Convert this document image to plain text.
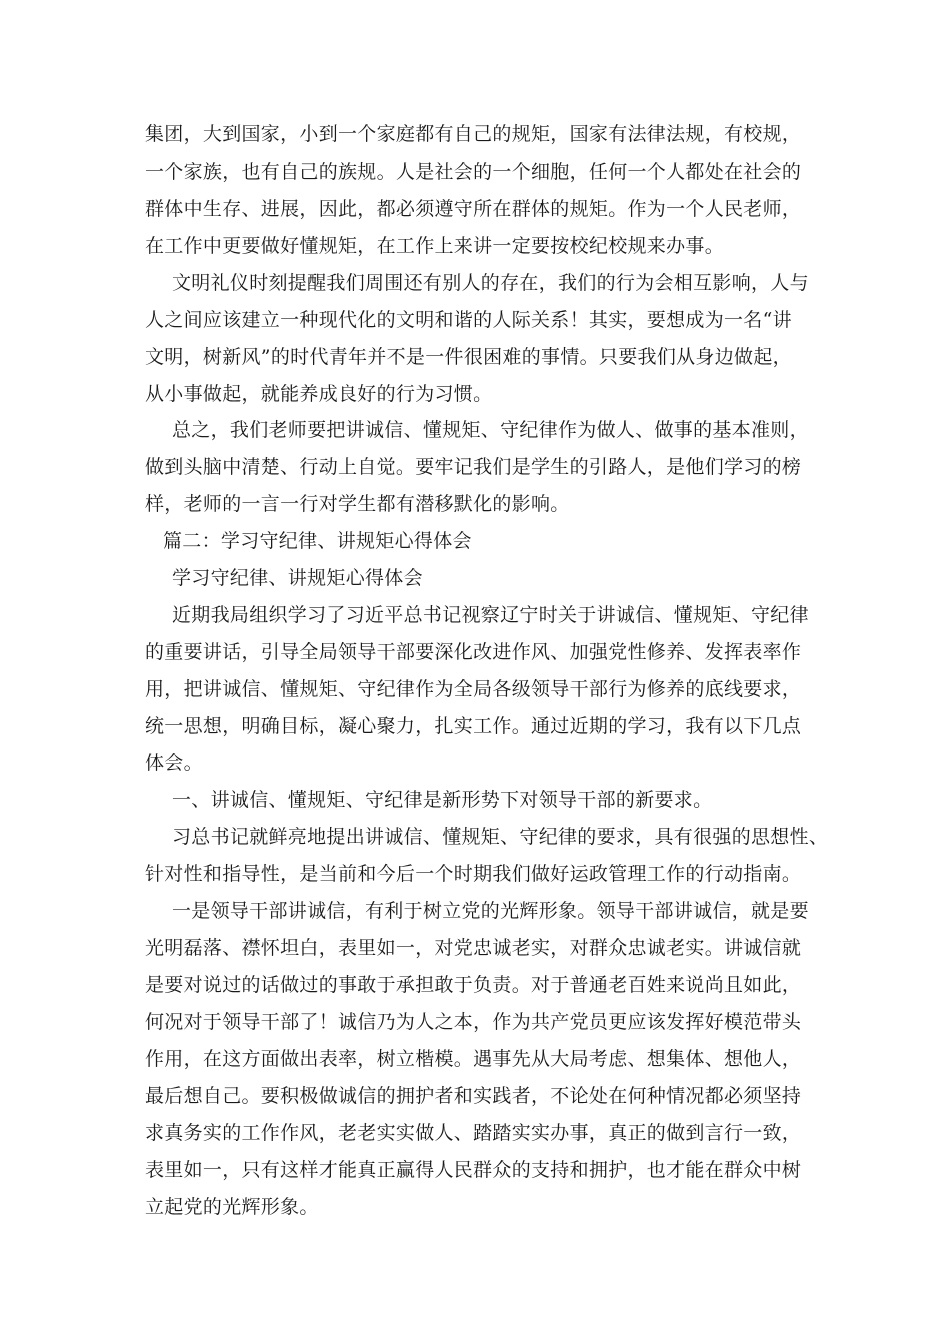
集团，大到国家，小到一个家庭都有自己的规矩，国家有法律法规，有校规，
一个家族，也有自己的族规。人是社会的一个细胞，任何一个人都处在社会的
群体中生存、进展，因此，都必须遵守所在群体的规矩。作为一个人民老师，
在工作中更要做好懂规矩，在工作上来讲一定要按校纪校规来办事。
文明礼仪时刻提醒我们周围还有别人的存在，我们的行为会相互影响，人与
人之间应该建立一种现代化的文明和谐的人际关系！其实，要想成为一名“讲
文明，树新风”的时代青年并不是一件很困难的事情。只要我们从身边做起，
从小事做起，就能养成良好的行为习惯。
总之，我们老师要把讲诚信、懂规矩、守纪律作为做人、做事的基本准则，
做到头脑中清楚、行动上自觉。要牢记我们是学生的引路人，是他们学习的榜
样，老师的一言一行对学生都有潜移默化的影响。
篇二：学习守纪律、讲规矩心得体会
学习守纪律、讲规矩心得体会
近期我局组织学习了习近平总书记视察辽宁时关于讲诚信、懂规矩、守纪律
的重要讲话，引导全局领导干部要深化改进作风、加强党性修养、发挥表率作
用，把讲诚信、懂规矩、守纪律作为全局各级领导干部行为修养的底线要求，
统一思想，明确目标，凝心聚力，扎实工作。通过近期的学习，我有以下几点
体会。
一、讲诚信、懂规矩、守纪律是新形势下对领导干部的新要求。
习总书记就鲜亮地提出讲诚信、懂规矩、守纪律的要求，具有很强的思想性、
针对性和指导性，是当前和今后一个时期我们做好运政管理工作的行动指南。
一是领导干部讲诚信，有利于树立党的光辉形象。领导干部讲诚信，就是要
光明磊落、襟怀坦白，表里如一，对党忠诚老实，对群众忠诚老实。讲诚信就
是要对说过的话做过的事敢于承担敢于负责。对于普通老百姓来说尚且如此，
何况对于领导干部了！诚信乃为人之本，作为共产党员更应该发挥好模范带头
作用，在这方面做出表率，树立楷模。遇事先从大局考虑、想集体、想他人，
最后想自己。要积极做诚信的拥护者和实践者，不论处在何种情况都必须坚持
求真务实的工作作风，老老实实做人、踏踏实实办事，真正的做到言行一致，
表里如一，只有这样才能真正赢得人民群众的支持和拥护，也才能在群众中树
立起党的光辉形象。
